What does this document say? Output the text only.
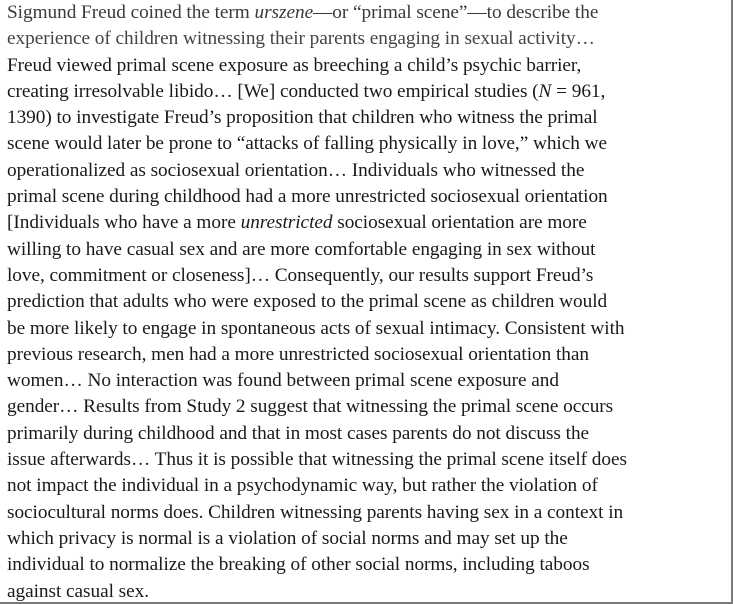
Sigmund Freud coined the term urszene—or “primal scene”—to describe the
experience of children witnessing their parents engaging in sexual activity…
Freud viewed primal scene exposure as breeching a child’s psychic barrier,
creating irresolvable libido… [We] conducted two empirical studies (N = 961,
1390) to investigate Freud’s proposition that children who witness the primal
scene would later be prone to “attacks of falling physically in love,” which we
operationalized as sociosexual orientation… Individuals who witnessed the
primal scene during childhood had a more unrestricted sociosexual orientation
[Individuals who have a more unrestricted sociosexual orientation are more
willing to have casual sex and are more comfortable engaging in sex without
love, commitment or closeness]… Consequently, our results support Freud’s
prediction that adults who were exposed to the primal scene as children would
be more likely to engage in spontaneous acts of sexual intimacy. Consistent with
previous research, men had a more unrestricted sociosexual orientation than
women… No interaction was found between primal scene exposure and
gender… Results from Study 2 suggest that witnessing the primal scene occurs
primarily during childhood and that in most cases parents do not discuss the
issue afterwards… Thus it is possible that witnessing the primal scene itself does
not impact the individual in a psychodynamic way, but rather the violation of
sociocultural norms does. Children witnessing parents having sex in a context in
which privacy is normal is a violation of social norms and may set up the
individual to normalize the breaking of other social norms, including taboos
against casual sex.
